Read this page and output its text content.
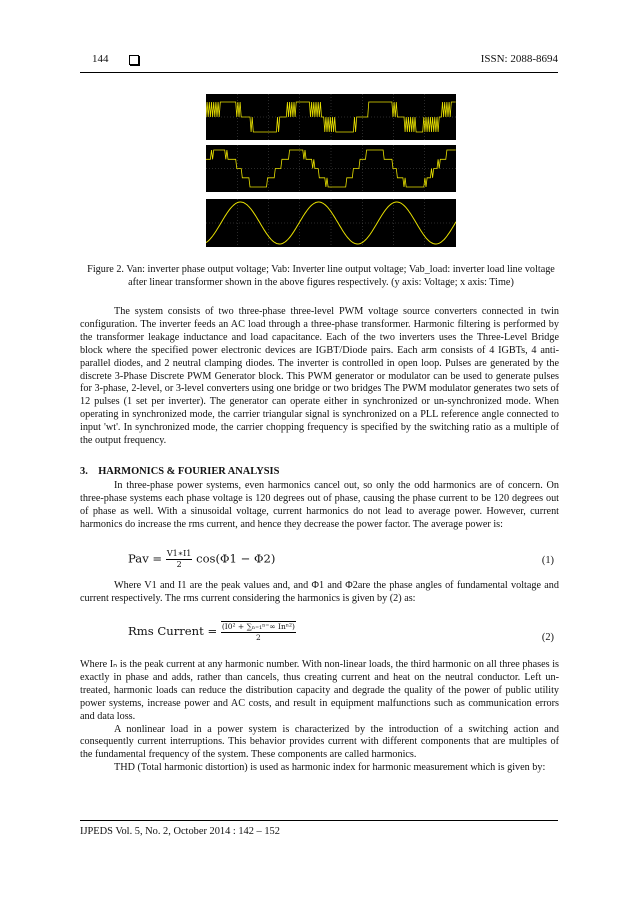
144	ISSN: 2088-8694
Figure 2. Van: inverter phase output voltage; Vab: Inverter line output voltage; Vab_load: inverter load line voltage after linear transformer shown in the above figures respectively. (y axis: Voltage; x axis: Time)

The system consists of two three-phase three-level PWM voltage source converters connected in twin configuration. The inverter feeds an AC load through a three-phase transformer. Harmonic filtering is performed by the transformer leakage inductance and load capacitance. Each of the two inverters uses the Three-Level Bridge block where the specified power electronic devices are IGBT/Diode pairs. Each arm consists of 4 IGBTs, 4 anti-parallel diodes, and 2 neutral clamping diodes. The inverter is controlled in open loop. Pulses are generated by the discrete 3-Phase Discrete PWM Generator block. This PWM generator or modulator can be used to generate pulses for 3-phase, 2-level, or 3-level converters using one bridge or two bridges The PWM modulator generates two sets of 12 pulses (1 set per inverter). The generator can operate either in synchronized or un-synchronized mode. When operating in synchronized mode, the carrier triangular signal is synchronized on a PLL reference angle connected to input 'wt'. In synchronized mode, the carrier chopping frequency is specified by the switching ratio as a multiple of the output frequency.

3. HARMONICS & FOURIER ANALYSIS

In three-phase power systems, even harmonics cancel out, so only the odd harmonics are of concern. On three-phase systems each phase voltage is 120 degrees out of phase, causing the phase current to be 120 degrees out of phase as well. With a sinusoidal voltage, current harmonics do not lead to average power. However, current harmonics do increase the rms current, and hence they decrease the power factor. The average power is:

Pav = $\frac{V1∗I1}{2} \cos(\Phi 1 - \Phi 2)$	(1)

Where V1 and I1 are the peak values and, and Φ1 and Φ2are the phase angles of fundamental voltage and current respectively. The rms current considering the harmonics is given by (2) as:

Rms Current = $\frac{\text{(I0² + ∑ₙ₌₁ⁿ⁼∞ Inⁿ²)}}{2}$	(2)

Where Iₙ is the peak current at any harmonic number. With non-linear loads, the third harmonic on all three phases is exactly in phase and adds, rather than cancels, thus creating current and heat on the neutral conductor. Left un-treated, harmonic loads can reduce the distribution capacity and degrade the quality of the power of public utility power systems, increase power and AC costs, and result in equipment malfunctions such as communication errors and data loss.

A nonlinear load in a power system is characterized by the introduction of a switching action and consequently current interruptions. This behavior provides current with different components that are multiples of the fundamental frequency of the system. These components are called harmonics.

THD (Total harmonic distortion) is used as harmonic index for harmonic measurement which is given by:

IJPEDS Vol. 5, No. 2, October 2014 : 142 – 152
